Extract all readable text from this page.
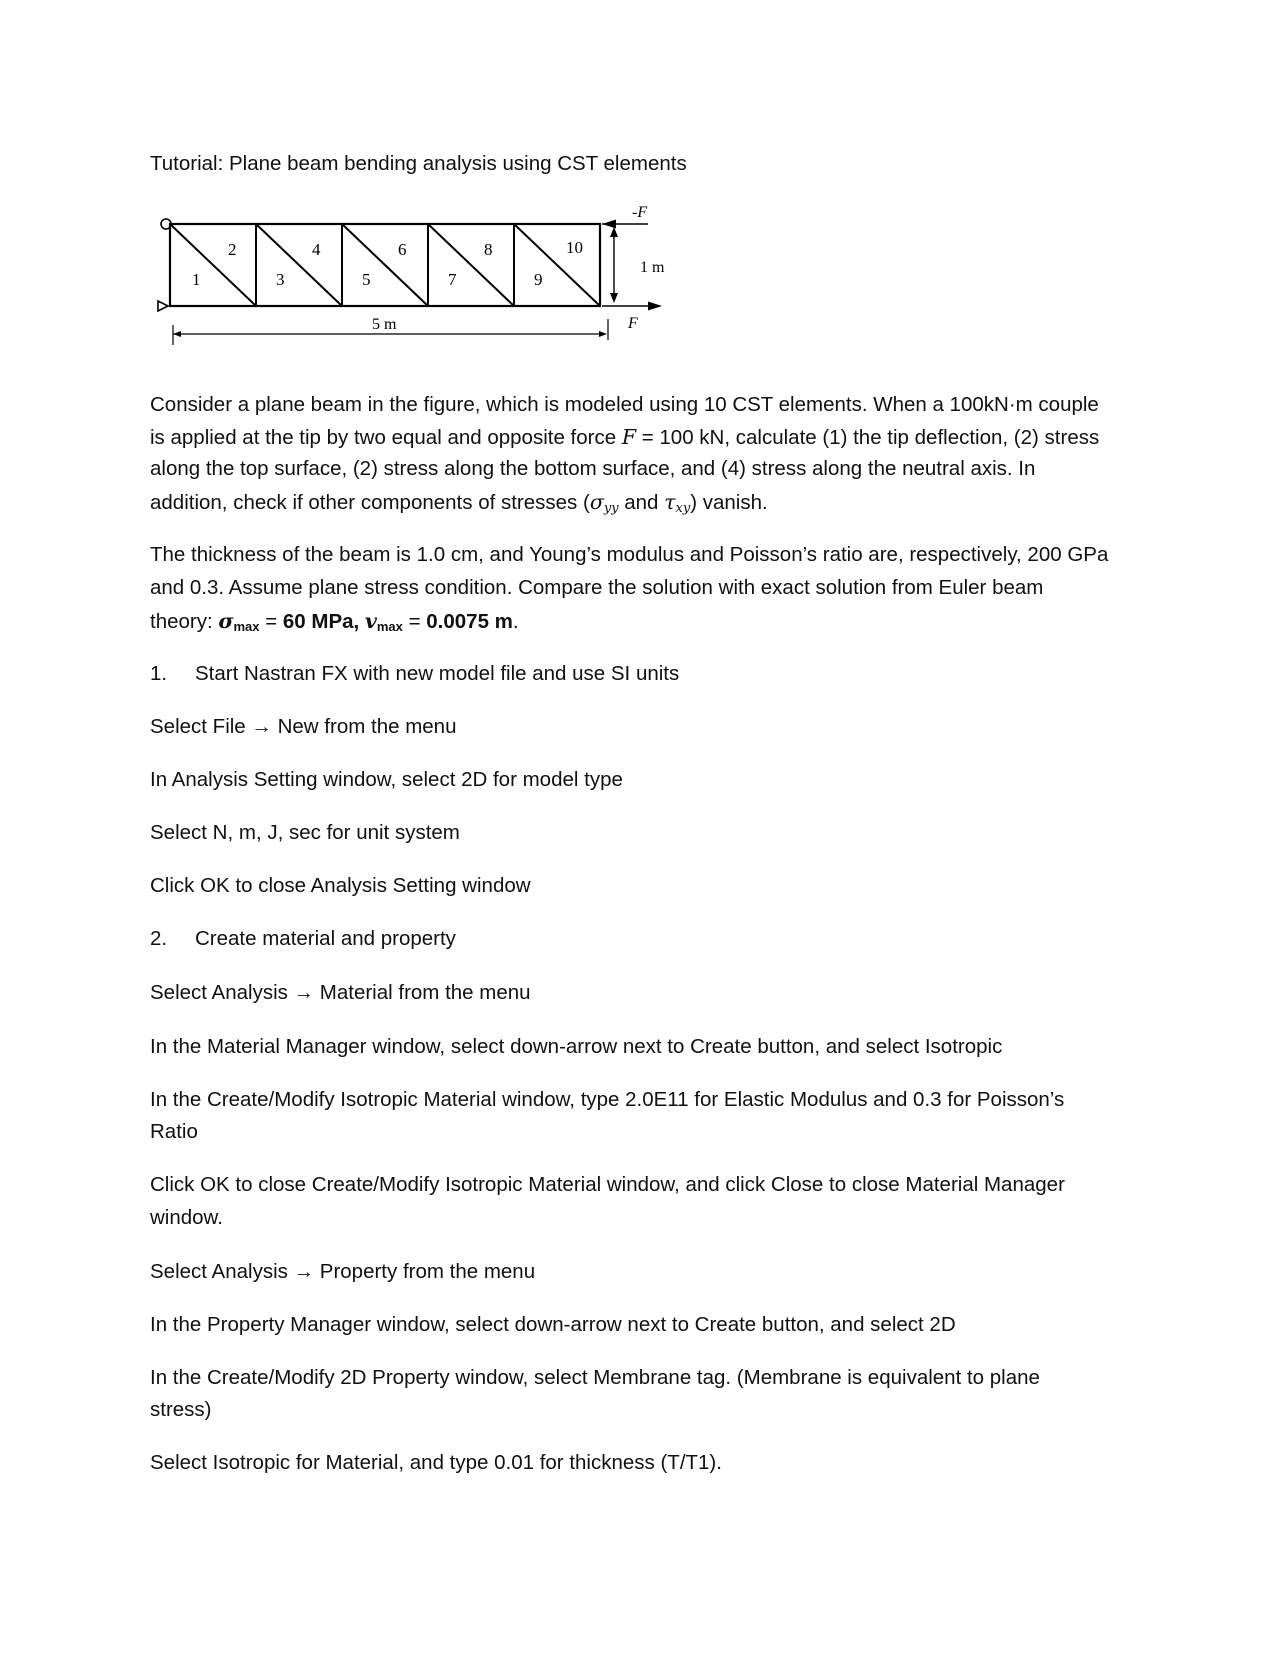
Tutorial: Plane beam bending analysis using CST elements

1
2
3
4
5
6
7
8
9
10
-F
F
1 m
5 m

Consider a plane beam in the figure, which is modeled using 10 CST elements. When a 100kN·m couple

is applied at the tip by two equal and opposite force F = 100 kN, calculate (1) the tip deflection, (2) stress

along the top surface, (2) stress along the bottom surface, and (4) stress along the neutral axis. In

addition, check if other components of stresses ($\sigma_{yy}$ and $\tau_{xy}$) vanish.

The thickness of the beam is 1.0 cm, and Young’s modulus and Poisson’s ratio are, respectively, 200 GPa

and 0.3. Assume plane stress condition. Compare the solution with exact solution from Euler beam

theory: $\sigma_{max} = 60$ MPa, $v_{max} = 0.0075$ m.

1. Start Nastran FX with new model file and use SI units

Select File → New from the menu

In Analysis Setting window, select 2D for model type

Select N, m, J, sec for unit system

Click OK to close Analysis Setting window

2. Create material and property

Select Analysis → Material from the menu

In the Material Manager window, select down-arrow next to Create button, and select Isotropic

In the Create/Modify Isotropic Material window, type 2.0E11 for Elastic Modulus and 0.3 for Poisson’s

Ratio

Click OK to close Create/Modify Isotropic Material window, and click Close to close Material Manager

window.

Select Analysis → Property from the menu

In the Property Manager window, select down-arrow next to Create button, and select 2D

In the Create/Modify 2D Property window, select Membrane tag. (Membrane is equivalent to plane

stress)

Select Isotropic for Material, and type 0.01 for thickness (T/T1).
